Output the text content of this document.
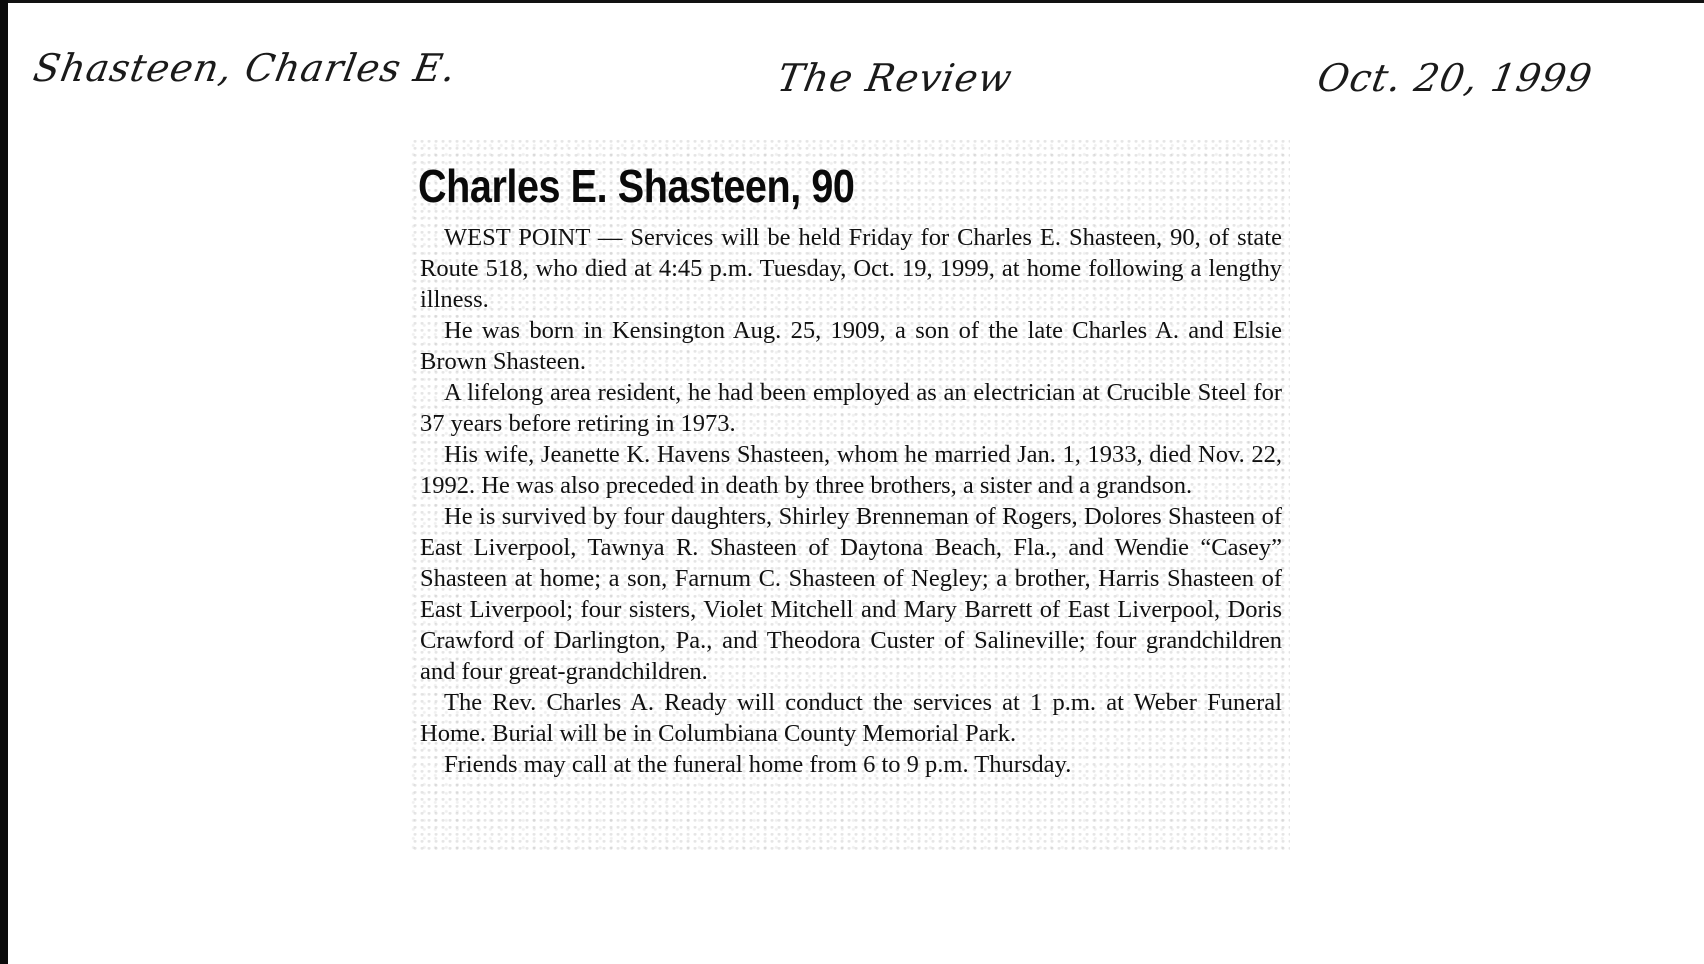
Shasteen, Charles E.	The Review	Oct. 20, 1999
Charles E. Shasteen, 90

WEST POINT — Services will be held Friday for Charles E. Shasteen, 90, of state Route 518, who died at 4:45 p.m. Tuesday, Oct. 19, 1999, at home following a lengthy illness.

He was born in Kensington Aug. 25, 1909, a son of the late Charles A. and Elsie Brown Shasteen.

A lifelong area resident, he had been employed as an electrician at Crucible Steel for 37 years before retiring in 1973.

His wife, Jeanette K. Havens Shasteen, whom he married Jan. 1, 1933, died Nov. 22, 1992. He was also preceded in death by three brothers, a sister and a grandson.

He is survived by four daughters, Shirley Brenneman of Rogers, Dolores Shasteen of East Liverpool, Tawnya R. Shasteen of Daytona Beach, Fla., and Wendie “Casey” Shasteen at home; a son, Farnum C. Shasteen of Negley; a brother, Harris Shasteen of East Liverpool; four sisters, Violet Mitchell and Mary Barrett of East Liverpool, Doris Crawford of Darlington, Pa., and Theodora Custer of Salineville; four grandchildren and four great-grandchildren.

The Rev. Charles A. Ready will conduct the services at 1 p.m. at Weber Funeral Home. Burial will be in Columbiana County Memorial Park.

Friends may call at the funeral home from 6 to 9 p.m. Thursday.
